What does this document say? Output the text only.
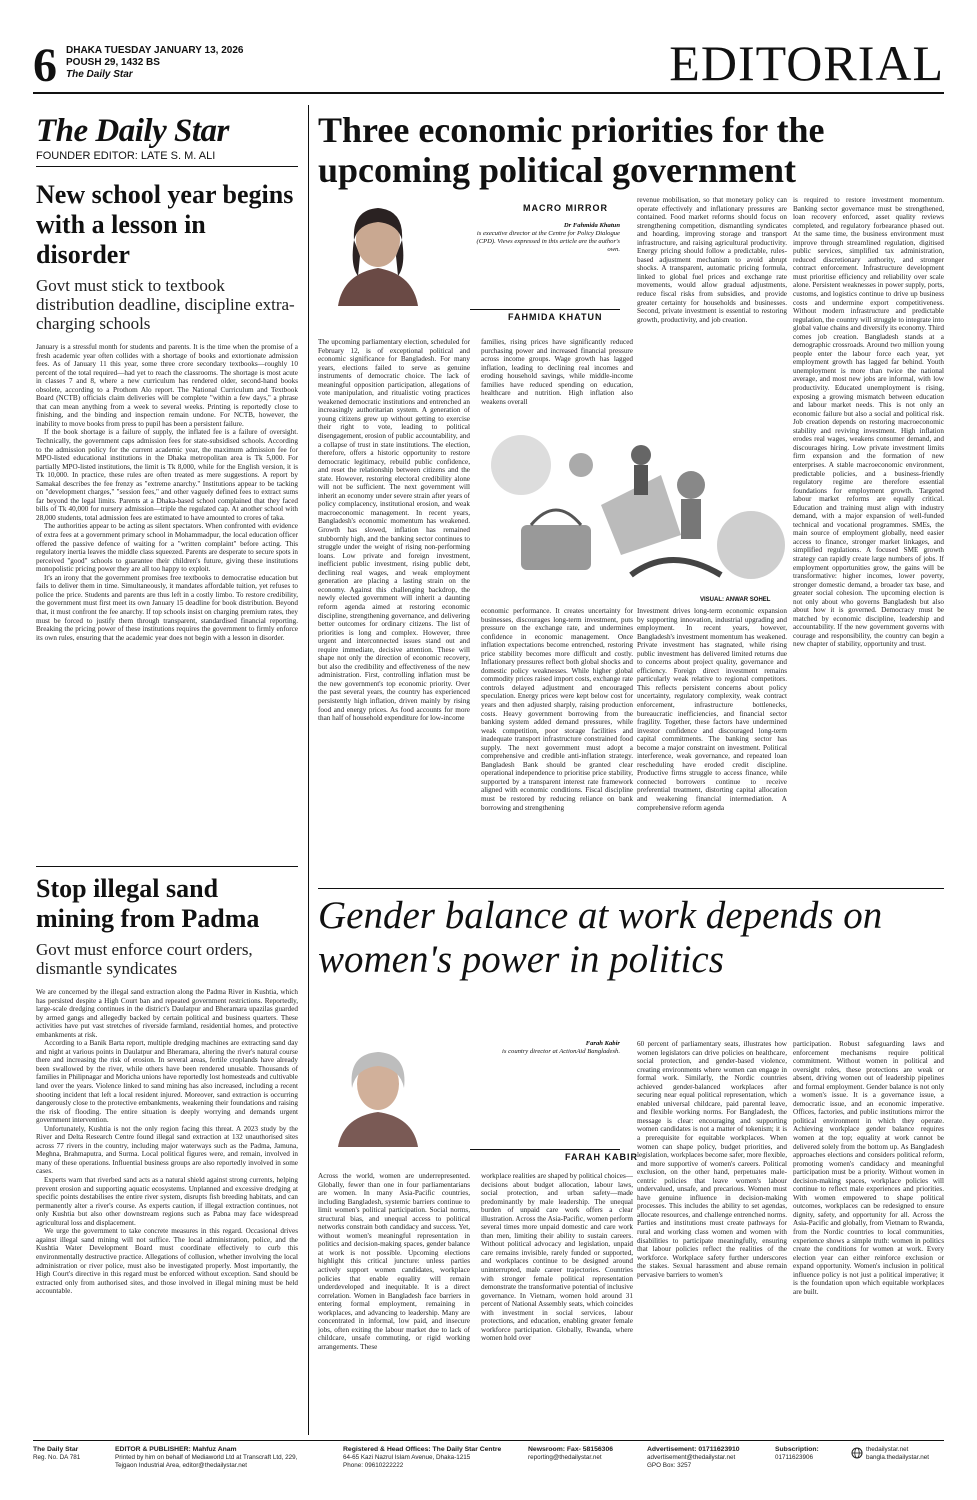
6 DHAKA TUESDAY JANUARY 13, 2026
POUSH 29, 1432 BS
The Daily Star	EDITORIAL
The Daily Star
FOUNDER EDITOR: LATE S. M. ALI
New school year begins with a lesson in disorder
Govt must stick to textbook distribution deadline, discipline extra-charging schools

January is a stressful month for students and parents. It is the time when the promise of a fresh academic year often collides with a shortage of books and extortionate admission fees. As of January 11 this year, some three crore secondary textbooks—roughly 10 percent of the total required—had yet to reach the classrooms. The shortage is most acute in classes 7 and 8, where a new curriculum has rendered older, second-hand books obsolete, according to a Prothom Alo report. The National Curriculum and Textbook Board (NCTB) officials claim deliveries will be complete "within a few days," a phrase that can mean anything from a week to several weeks. Printing is reportedly close to finishing, and the binding and inspection remain undone. For NCTB, however, the inability to move books from press to pupil has been a persistent failure.

If the book shortage is a failure of supply, the inflated fee is a failure of oversight. Technically, the government caps admission fees for state-subsidised schools. According to the admission policy for the current academic year, the maximum admission fee for MPO-listed educational institutions in the Dhaka metropolitan area is Tk 5,000. For partially MPO-listed institutions, the limit is Tk 8,000, while for the English version, it is Tk 10,000. In practice, these rules are often treated as mere suggestions. A report by Samakal describes the fee frenzy as "extreme anarchy." Institutions appear to be tacking on "development charges," "session fees," and other vaguely defined fees to extract sums far beyond the legal limits. Parents at a Dhaka-based school complained that they faced bills of Tk 40,000 for nursery admission—triple the regulated cap. At another school with 28,000 students, total admission fees are estimated to have amounted to crores of taka.

The authorities appear to be acting as silent spectators. When confronted with evidence of extra fees at a government primary school in Mohammadpur, the local education officer offered the passive defence of waiting for a "written complaint" before acting. This regulatory inertia leaves the middle class squeezed. Parents are desperate to secure spots in perceived "good" schools to guarantee their children's future, giving these institutions monopolistic pricing power they are all too happy to exploit.

It's an irony that the government promises free textbooks to democratise education but fails to deliver them in time. Simultaneously, it mandates affordable tuition, yet refuses to police the price. Students and parents are thus left in a costly limbo. To restore credibility, the government must first meet its own January 15 deadline for book distribution. Beyond that, it must confront the fee anarchy. If top schools insist on charging premium rates, they must be forced to justify them through transparent, standardised financial reporting. Breaking the pricing power of these institutions requires the government to firmly enforce its own rules, ensuring that the academic year does not begin with a lesson in disorder.

Stop illegal sand mining from Padma
Govt must enforce court orders, dismantle syndicates

We are concerned by the illegal sand extraction along the Padma River in Kushtia, which has persisted despite a High Court ban and repeated government restrictions. Reportedly, large-scale dredging continues in the district's Daulatpur and Bheramara upazilas guarded by armed gangs and allegedly backed by certain political and business quarters. These activities have put vast stretches of riverside farmland, residential homes, and protective embankments at risk.

According to a Banik Barta report, multiple dredging machines are extracting sand day and night at various points in Daulatpur and Bheramara, altering the river's natural course there and increasing the risk of erosion. In several areas, fertile croplands have already been swallowed by the river, while others have been rendered unusable. Thousands of families in Philipnagar and Moricha unions have reportedly lost homesteads and cultivable land over the years. Violence linked to sand mining has also increased, including a recent shooting incident that left a local resident injured. Moreover, sand extraction is occurring dangerously close to the protective embankments, weakening their foundations and raising the risk of flooding. The entire situation is deeply worrying and demands urgent government intervention.

Unfortunately, Kushtia is not the only region facing this threat. A 2023 study by the River and Delta Research Centre found illegal sand extraction at 132 unauthorised sites across 77 rivers in the country, including major waterways such as the Padma, Jamuna, Meghna, Brahmaputra, and Surma. Local political figures were, and remain, involved in many of these operations. Influential business groups are also reportedly involved in some cases.

Experts warn that riverbed sand acts as a natural shield against strong currents, helping prevent erosion and supporting aquatic ecosystems. Unplanned and excessive dredging at specific points destabilises the entire river system, disrupts fish breeding habitats, and can permanently alter a river's course. As experts caution, if illegal extraction continues, not only Kushtia but also other downstream regions such as Pabna may face widespread agricultural loss and displacement.

We urge the government to take concrete measures in this regard. Occasional drives against illegal sand mining will not suffice. The local administration, police, and the Kushtia Water Development Board must coordinate effectively to curb this environmentally destructive practice. Allegations of collusion, whether involving the local administration or river police, must also be investigated properly. Most importantly, the High Court's directive in this regard must be enforced without exception. Sand should be extracted only from authorised sites, and those involved in illegal mining must be held accountable.

Three economic priorities for the upcoming political government
MACRO MIRROR
Dr Fahmida Khatun
is executive director at the Centre for Policy Dialogue (CPD). Views expressed in this article are the author's own.
FAHMIDA KHATUN

The upcoming parliamentary election, scheduled for February 12, is of exceptional political and economic significance for Bangladesh. For many years, elections failed to serve as genuine instruments of democratic choice. The lack of meaningful opposition participation, allegations of vote manipulation, and ritualistic voting practices weakened democratic institutions and entrenched an increasingly authoritarian system. A generation of young citizens grew up without getting to exercise their right to vote, leading to political disengagement, erosion of public accountability, and a collapse of trust in state institutions. The election, therefore, offers a historic opportunity to restore democratic legitimacy, rebuild public confidence, and reset the relationship between citizens and the state. However, restoring electoral credibility alone will not be sufficient. The next government will inherit an economy under severe strain after years of policy complacency, institutional erosion, and weak macroeconomic management. In recent years, Bangladesh's economic momentum has weakened. Growth has slowed, inflation has remained stubbornly high, and the banking sector continues to struggle under the weight of rising non-performing loans. Low private and foreign investment, inefficient public investment, rising public debt, declining real wages, and weak employment generation are placing a lasting strain on the economy. Against this challenging backdrop, the newly elected government will inherit a daunting reform agenda aimed at restoring economic discipline, strengthening governance, and delivering better outcomes for ordinary citizens. The list of priorities is long and complex. However, three urgent and interconnected issues stand out and require immediate, decisive attention. These will shape not only the direction of economic recovery, but also the credibility and effectiveness of the new administration. First, controlling inflation must be the new government's top economic priority. Over the past several years, the country has experienced persistently high inflation, driven mainly by rising food and energy prices. As food accounts for more than half of household expenditure for low-income

families, rising prices have significantly reduced purchasing power and increased financial pressure across income groups. Wage growth has lagged inflation, leading to declining real incomes and eroding household savings, while middle-income families have reduced spending on education, healthcare and nutrition. High inflation also weakens overall

revenue mobilisation, so that monetary policy can operate effectively and inflationary pressures are contained. Food market reforms should focus on strengthening competition, dismantling syndicates and hoarding, improving storage and transport infrastructure, and raising agricultural productivity. Energy pricing should follow a predictable, rules-based adjustment mechanism to avoid abrupt shocks. A transparent, automatic pricing formula, linked to global fuel prices and exchange rate movements, would allow gradual adjustments, reduce fiscal risks from subsidies, and provide greater certainty for households and businesses. Second, private investment is essential to restoring growth, productivity, and job creation.

is required to restore investment momentum. Banking sector governance must be strengthened, loan recovery enforced, asset quality reviews completed, and regulatory forbearance phased out. At the same time, the business environment must improve through streamlined regulation, digitised public services, simplified tax administration, reduced discretionary authority, and stronger contract enforcement. Infrastructure development must prioritise efficiency and reliability over scale alone. Persistent weaknesses in power supply, ports, customs, and logistics continue to drive up business costs and undermine export competitiveness. Without modern infrastructure and predictable regulation, the country will struggle to integrate into global value chains and diversify its economy. Third comes job creation. Bangladesh stands at a demographic crossroads. Around two million young people enter the labour force each year, yet employment growth has lagged far behind. Youth unemployment is more than twice the national average, and most new jobs are informal, with low productivity. Educated unemployment is rising, exposing a growing mismatch between education and labour market needs. This is not only an economic failure but also a social and political risk. Job creation depends on restoring macroeconomic stability and reviving investment. High inflation erodes real wages, weakens consumer demand, and discourages hiring. Low private investment limits firm expansion and the formation of new enterprises. A stable macroeconomic environment, predictable policies, and a business-friendly regulatory regime are therefore essential foundations for employment growth. Targeted labour market reforms are equally critical. Education and training must align with industry demand, with a major expansion of well-funded technical and vocational programmes. SMEs, the main source of employment globally, need easier access to finance, stronger market linkages, and simplified regulations. A focused SME growth strategy can rapidly create large numbers of jobs. If employment opportunities grow, the gains will be transformative: higher incomes, lower poverty, stronger domestic demand, a broader tax base, and greater social cohesion. The upcoming election is not only about who governs Bangladesh but also about how it is governed. Democracy must be matched by economic discipline, leadership and accountability. If the new government governs with courage and responsibility, the country can begin a new chapter of stability, opportunity and trust.

VISUAL: ANWAR SOHEL

economic performance. It creates uncertainty for businesses, discourages long-term investment, puts pressure on the exchange rate, and undermines confidence in economic management. Once inflation expectations become entrenched, restoring price stability becomes more difficult and costly. Inflationary pressures reflect both global shocks and domestic policy weaknesses. While higher global commodity prices raised import costs, exchange rate controls delayed adjustment and encouraged speculation. Energy prices were kept below cost for years and then adjusted sharply, raising production costs. Heavy government borrowing from the banking system added demand pressures, while weak competition, poor storage facilities and inadequate transport infrastructure constrained food supply. The next government must adopt a comprehensive and credible anti-inflation strategy. Bangladesh Bank should be granted clear operational independence to prioritise price stability, supported by a transparent interest rate framework aligned with economic conditions. Fiscal discipline must be restored by reducing reliance on bank borrowing and strengthening

Investment drives long-term economic expansion by supporting innovation, industrial upgrading and employment. In recent years, however, Bangladesh's investment momentum has weakened. Private investment has stagnated, while rising public investment has delivered limited returns due to concerns about project quality, governance and efficiency. Foreign direct investment remains particularly weak relative to regional competitors. This reflects persistent concerns about policy uncertainty, regulatory complexity, weak contract enforcement, infrastructure bottlenecks, bureaucratic inefficiencies, and financial sector fragility. Together, these factors have undermined investor confidence and discouraged long-term capital commitments. The banking sector has become a major constraint on investment. Political interference, weak governance, and repeated loan rescheduling have eroded credit discipline. Productive firms struggle to access finance, while connected borrowers continue to receive preferential treatment, distorting capital allocation and weakening financial intermediation. A comprehensive reform agenda

Gender balance at work depends on women's power in politics
Farah Kabir
is country director at ActionAid Bangladesh.
FARAH KABIR

Across the world, women are underrepresented. Globally, fewer than one in four parliamentarians are women. In many Asia-Pacific countries, including Bangladesh, systemic barriers continue to limit women's political participation. Social norms, structural bias, and unequal access to political networks constrain both candidacy and success. Yet, without women's meaningful representation in politics and decision-making spaces, gender balance at work is not possible. Upcoming elections highlight this critical juncture: unless parties actively support women candidates, workplace policies that enable equality will remain underdeveloped and inequitable. It is a direct correlation. Women in Bangladesh face barriers in entering formal employment, remaining in workplaces, and advancing to leadership. Many are concentrated in informal, low paid, and insecure jobs, often exiting the labour market due to lack of childcare, unsafe commuting, or rigid working arrangements. These

workplace realities are shaped by political choices—decisions about budget allocation, labour laws, social protection, and urban safety—made predominantly by male leadership. The unequal burden of unpaid care work offers a clear illustration. Across the Asia-Pacific, women perform several times more unpaid domestic and care work than men, limiting their ability to sustain careers. Without political advocacy and legislation, unpaid care remains invisible, rarely funded or supported, and workplaces continue to be designed around uninterrupted, male career trajectories. Countries with stronger female political representation demonstrate the transformative potential of inclusive governance. In Vietnam, women hold around 31 percent of National Assembly seats, which coincides with investment in social services, labour protections, and education, enabling greater female workforce participation. Globally, Rwanda, where women hold over

60 percent of parliamentary seats, illustrates how women legislators can drive policies on healthcare, social protection, and gender-based violence, creating environments where women can engage in formal work. Similarly, the Nordic countries achieved gender-balanced workplaces after securing near equal political representation, which enabled universal childcare, paid parental leave, and flexible working norms. For Bangladesh, the message is clear: encouraging and supporting women candidates is not a matter of tokenism; it is a prerequisite for equitable workplaces. When women can shape policy, budget priorities, and legislation, workplaces become safer, more flexible, and more supportive of women's careers. Political exclusion, on the other hand, perpetuates male-centric policies that leave women's labour undervalued, unsafe, and precarious. Women must have genuine influence in decision-making processes. This includes the ability to set agendas, allocate resources, and challenge entrenched norms. Parties and institutions must create pathways for rural and working class women and women with disabilities to participate meaningfully, ensuring that labour policies reflect the realities of the workforce. Workplace safety further underscores the stakes. Sexual harassment and abuse remain pervasive barriers to women's

participation. Robust safeguarding laws and enforcement mechanisms require political commitment. Without women in political and oversight roles, these protections are weak or absent, driving women out of leadership pipelines and formal employment. Gender balance is not only a women's issue. It is a governance issue, a democratic issue, and an economic imperative. Offices, factories, and public institutions mirror the political environment in which they operate. Achieving workplace gender balance requires women at the top; equality at work cannot be delivered solely from the bottom up. As Bangladesh approaches elections and considers political reform, promoting women's candidacy and meaningful participation must be a priority. Without women in decision-making spaces, workplace policies will continue to reflect male experiences and priorities. With women empowered to shape political outcomes, workplaces can be redesigned to ensure dignity, safety, and opportunity for all. Across the Asia-Pacific and globally, from Vietnam to Rwanda, from the Nordic countries to local communities, experience shows a simple truth: women in politics create the conditions for women at work. Every election year can either reinforce exclusion or expand opportunity. Women's inclusion in political influence policy is not just a political imperative; it is the foundation upon which equitable workplaces are built.

The Daily Star
Reg. No. DA 781
EDITOR & PUBLISHER: Mahfuz Anam
Printed by him on behalf of Mediaworld Ltd at Transcraft Ltd, 229,
Tejgaon Industrial Area, editor@thedailystar.net
Registered & Head Offices: The Daily Star Centre
64-65 Kazi Nazrul Islam Avenue, Dhaka-1215
Phone: 09610222222
Newsroom: Fax- 58156306
reporting@thedailystar.net
Advertisement: 01711623910
advertisement@thedailystar.net
GPO Box: 3257
Subscription:
01711623906
thedailystar.net
bangla.thedailystar.net
